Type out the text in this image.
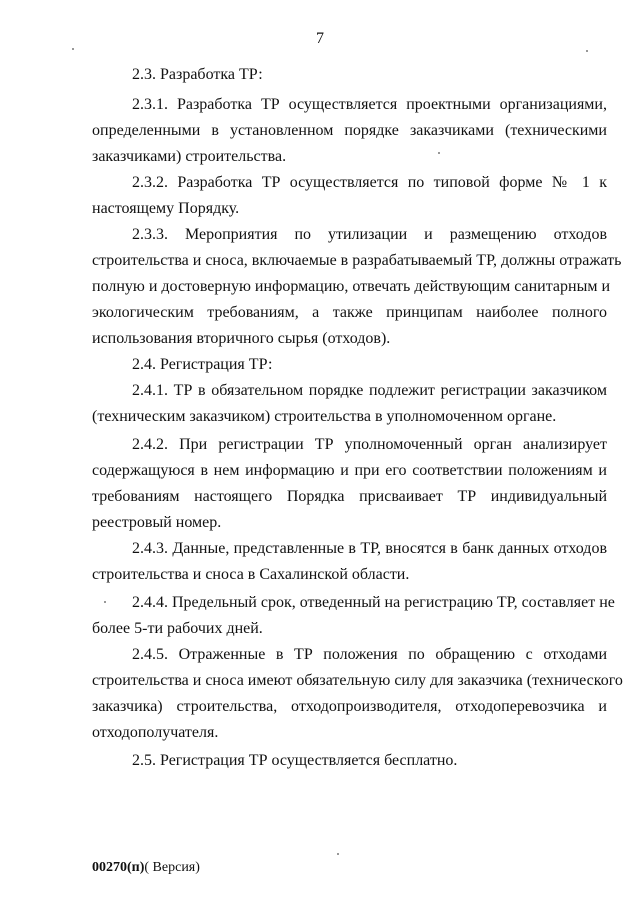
7
2.3. Разработка ТР:
2.3.1. Разработка ТР осуществляется проектными организациями,
определенными в установленном порядке заказчиками (техническими
заказчиками) строительства.
2.3.2. Разработка ТР осуществляется по типовой форме № 1 к
настоящему Порядку.
2.3.3. Мероприятия по утилизации и размещению отходов
строительства и сноса, включаемые в разрабатываемый ТР, должны отражать
полную и достоверную информацию, отвечать действующим санитарным и
экологическим требованиям, а также принципам наиболее полного
использования вторичного сырья (отходов).
2.4. Регистрация ТР:
2.4.1. ТР в обязательном порядке подлежит регистрации заказчиком
(техническим заказчиком) строительства в уполномоченном органе.
2.4.2. При регистрации ТР уполномоченный орган анализирует
содержащуюся в нем информацию и при его соответствии положениям и
требованиям настоящего Порядка присваивает ТР индивидуальный
реестровый номер.
2.4.3. Данные, представленные в ТР, вносятся в банк данных отходов
строительства и сноса в Сахалинской области.
2.4.4. Предельный срок, отведенный на регистрацию ТР, составляет не
более 5-ти рабочих дней.
2.4.5. Отраженные в ТР положения по обращению с отходами
строительства и сноса имеют обязательную силу для заказчика (технического
заказчика) строительства, отходопроизводителя, отходоперевозчика и
отходополучателя.
2.5. Регистрация ТР осуществляется бесплатно.
00270(п)( Версия)
